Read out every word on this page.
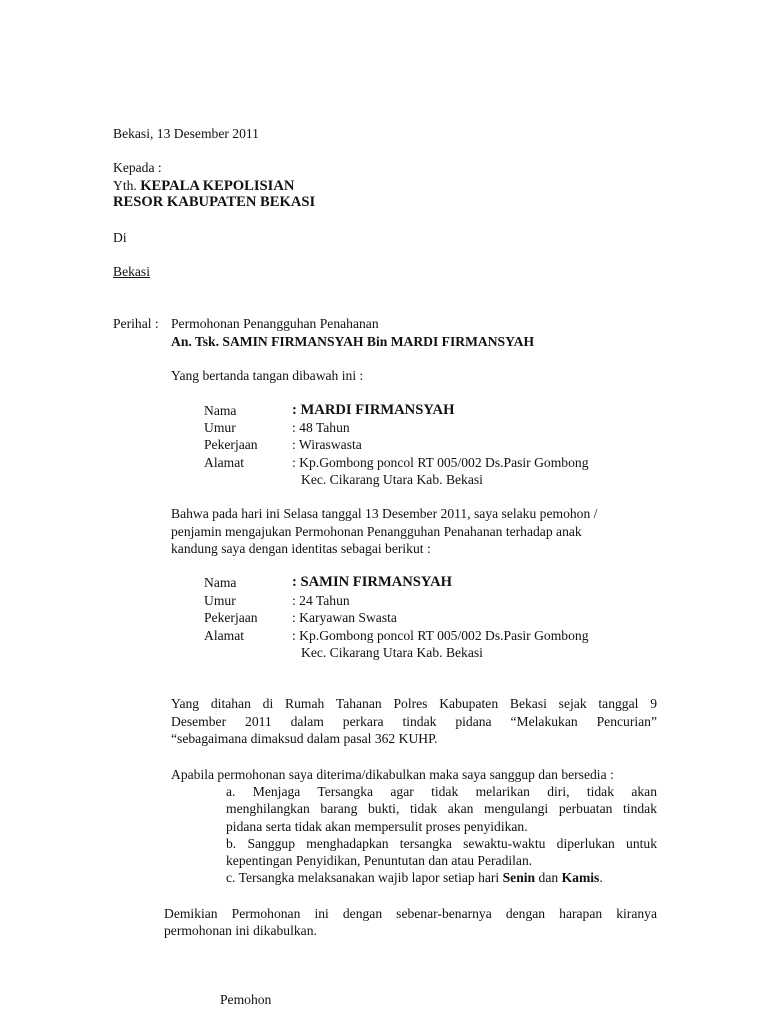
Bekasi, 13 Desember 2011
Kepada :
Yth. KEPALA KEPOLISIAN
RESOR KABUPATEN BEKASI
Di
Bekasi
Perihal : Permohonan Penangguhan Penahanan
An. Tsk. SAMIN FIRMANSYAH Bin MARDI FIRMANSYAH
Yang bertanda tangan dibawah ini :
Nama	: MARDI FIRMANSYAH
Umur	: 48 Tahun
Pekerjaan	: Wiraswasta
Alamat	: Kp.Gombong poncol RT 005/002 Ds.Pasir Gombong
Kec. Cikarang Utara Kab. Bekasi
Bahwa pada hari ini Selasa tanggal 13 Desember 2011, saya selaku pemohon /
penjamin mengajukan Permohonan Penangguhan Penahanan terhadap anak
kandung saya dengan identitas sebagai berikut :
Nama	: SAMIN FIRMANSYAH
Umur	: 24 Tahun
Pekerjaan	: Karyawan Swasta
Alamat	: Kp.Gombong poncol RT 005/002 Ds.Pasir Gombong
Kec. Cikarang Utara Kab. Bekasi
Yang ditahan di Rumah Tahanan Polres Kabupaten Bekasi sejak tanggal 9
Desember 2011 dalam perkara tindak pidana “Melakukan Pencurian”
“sebagaimana dimaksud dalam pasal 362 KUHP.
Apabila permohonan saya diterima/dikabulkan maka saya sanggup dan bersedia :
a. Menjaga Tersangka agar tidak melarikan diri, tidak akan
menghilangkan barang bukti, tidak akan mengulangi perbuatan tindak
pidana serta tidak akan mempersulit proses penyidikan.
b. Sanggup menghadapkan tersangka sewaktu-waktu diperlukan untuk
kepentingan Penyidikan, Penuntutan dan atau Peradilan.
c. Tersangka melaksanakan wajib lapor setiap hari Senin dan Kamis.
Demikian Permohonan ini dengan sebenar-benarnya dengan harapan kiranya
permohonan ini dikabulkan.
Pemohon
